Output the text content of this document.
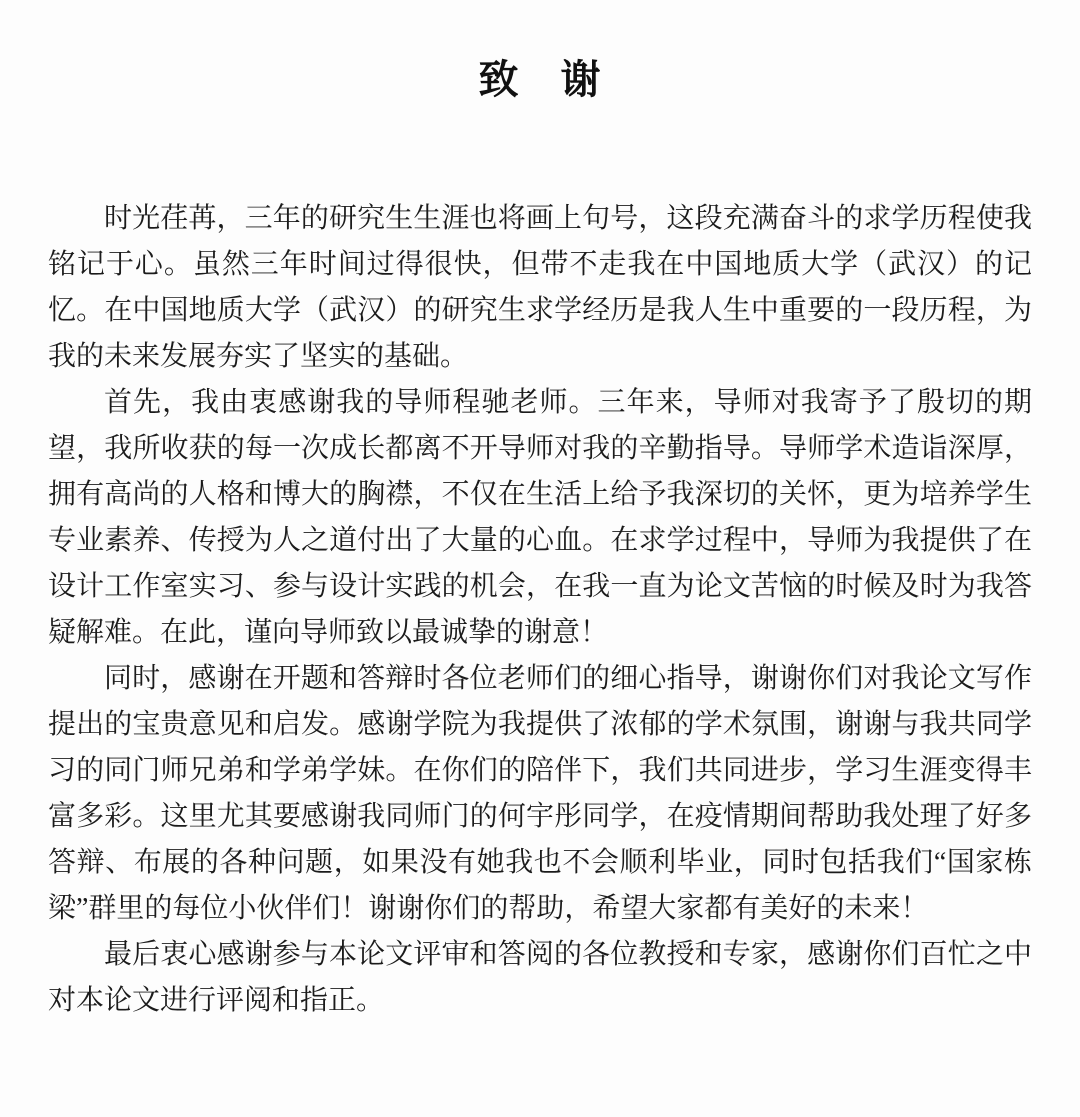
致　谢

时光荏苒，三年的研究生生涯也将画上句号，这段充满奋斗的求学历程使我铭记于心。虽然三年时间过得很快，但带不走我在中国地质大学（武汉）的记忆。在中国地质大学（武汉）的研究生求学经历是我人生中重要的一段历程，为我的未来发展夯实了坚实的基础。

首先，我由衷感谢我的导师程驰老师。三年来，导师对我寄予了殷切的期望，我所收获的每一次成长都离不开导师对我的辛勤指导。导师学术造诣深厚，拥有高尚的人格和博大的胸襟，不仅在生活上给予我深切的关怀，更为培养学生专业素养、传授为人之道付出了大量的心血。在求学过程中，导师为我提供了在设计工作室实习、参与设计实践的机会，在我一直为论文苦恼的时候及时为我答疑解难。在此，谨向导师致以最诚挚的谢意！

同时，感谢在开题和答辩时各位老师们的细心指导，谢谢你们对我论文写作提出的宝贵意见和启发。感谢学院为我提供了浓郁的学术氛围，谢谢与我共同学习的同门师兄弟和学弟学妹。在你们的陪伴下，我们共同进步，学习生涯变得丰富多彩。这里尤其要感谢我同师门的何宇彤同学，在疫情期间帮助我处理了好多答辩、布展的各种问题，如果没有她我也不会顺利毕业，同时包括我们“国家栋梁”群里的每位小伙伴们！谢谢你们的帮助，希望大家都有美好的未来！

最后衷心感谢参与本论文评审和答阅的各位教授和专家，感谢你们百忙之中对本论文进行评阅和指正。
